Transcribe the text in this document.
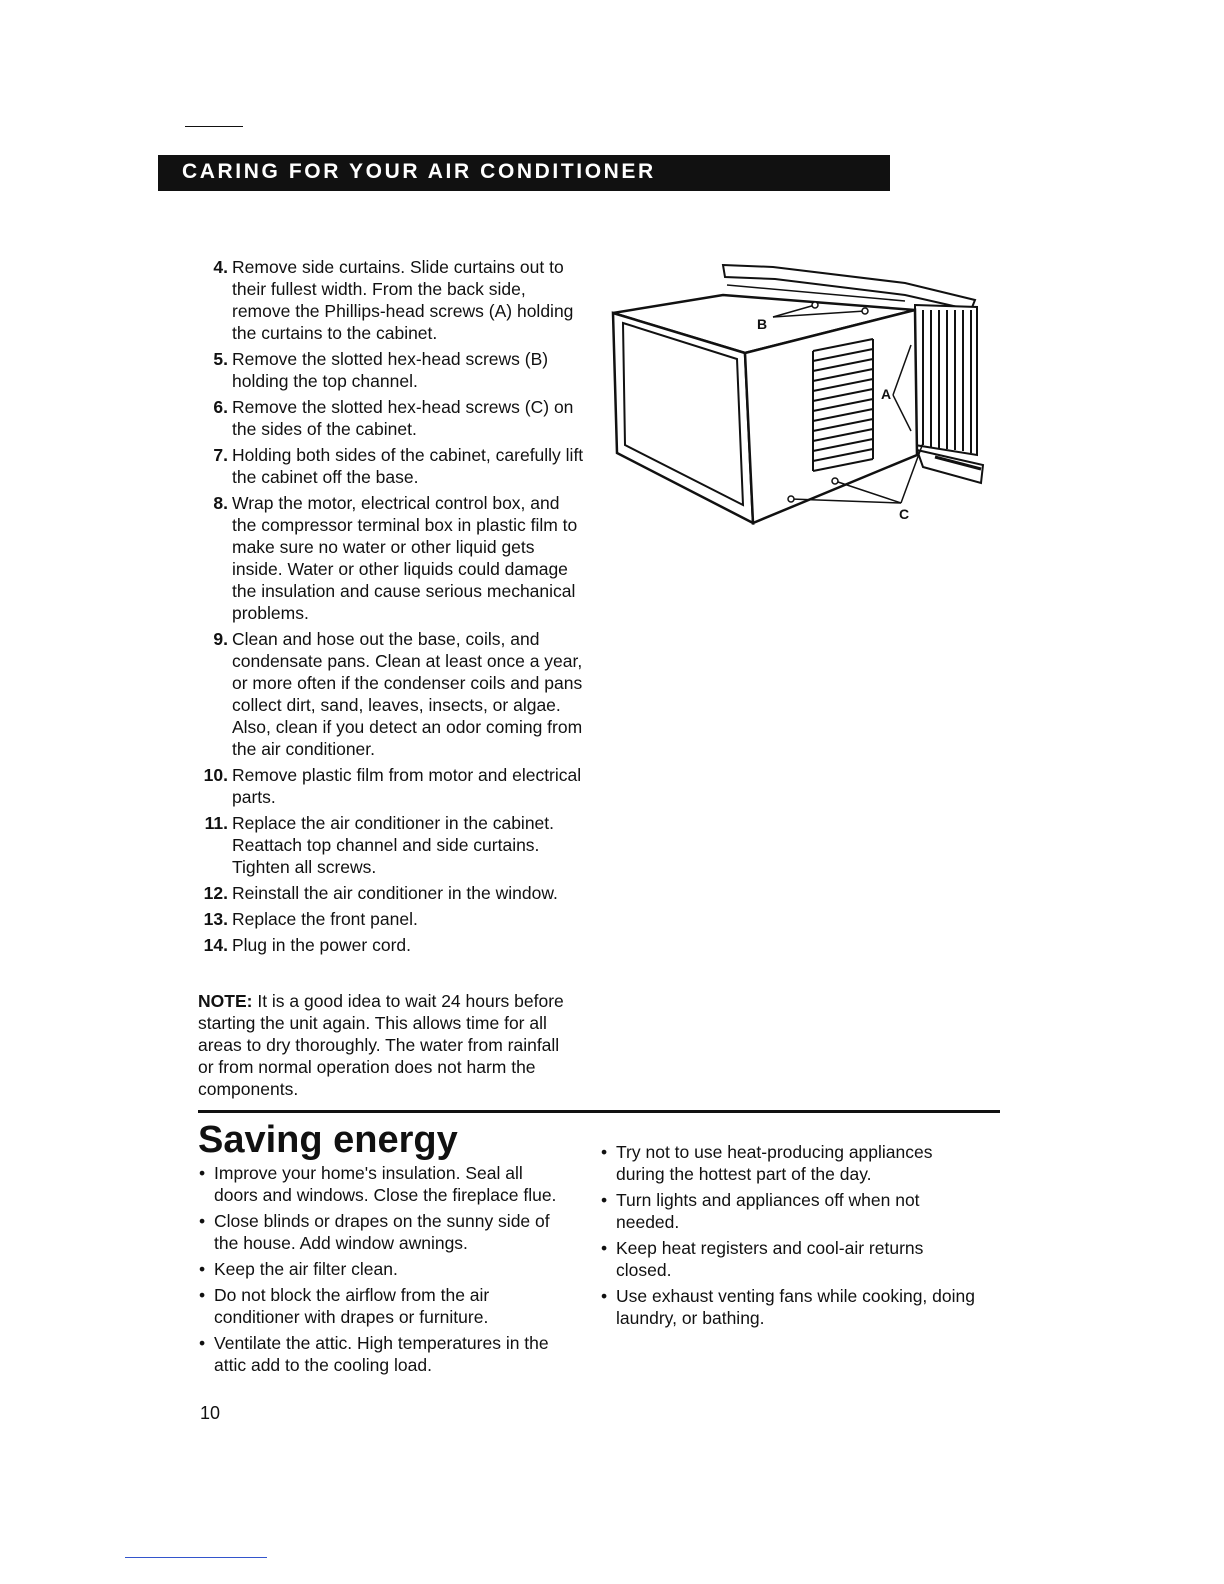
CARING FOR YOUR AIR CONDITIONER
4. Remove side curtains. Slide curtains out to their fullest width. From the back side, remove the Phillips-head screws (A) holding the curtains to the cabinet.
5. Remove the slotted hex-head screws (B) holding the top channel.
6. Remove the slotted hex-head screws (C) on the sides of the cabinet.
7. Holding both sides of the cabinet, carefully lift the cabinet off the base.
8. Wrap the motor, electrical control box, and the compressor terminal box in plastic film to make sure no water or other liquid gets inside. Water or other liquids could damage the insulation and cause serious mechanical problems.
9. Clean and hose out the base, coils, and condensate pans. Clean at least once a year, or more often if the condenser coils and pans collect dirt, sand, leaves, insects, or algae. Also, clean if you detect an odor coming from the air conditioner.
10. Remove plastic film from motor and electrical parts.
11. Replace the air conditioner in the cabinet. Reattach top channel and side curtains. Tighten all screws.
12. Reinstall the air conditioner in the window.
13. Replace the front panel.
14. Plug in the power cord.

NOTE: It is a good idea to wait 24 hours before starting the unit again. This allows time for all areas to dry thoroughly. The water from rainfall or from normal operation does not harm the components.

B
A
C
Saving energy
• Improve your home's insulation. Seal all doors and windows. Close the fireplace flue.
• Close blinds or drapes on the sunny side of the house. Add window awnings.
• Keep the air filter clean.
• Do not block the airflow from the air conditioner with drapes or furniture.
• Ventilate the attic. High temperatures in the attic add to the cooling load.
• Try not to use heat-producing appliances during the hottest part of the day.
• Turn lights and appliances off when not needed.
• Keep heat registers and cool-air returns closed.
• Use exhaust venting fans while cooking, doing laundry, or bathing.

10
